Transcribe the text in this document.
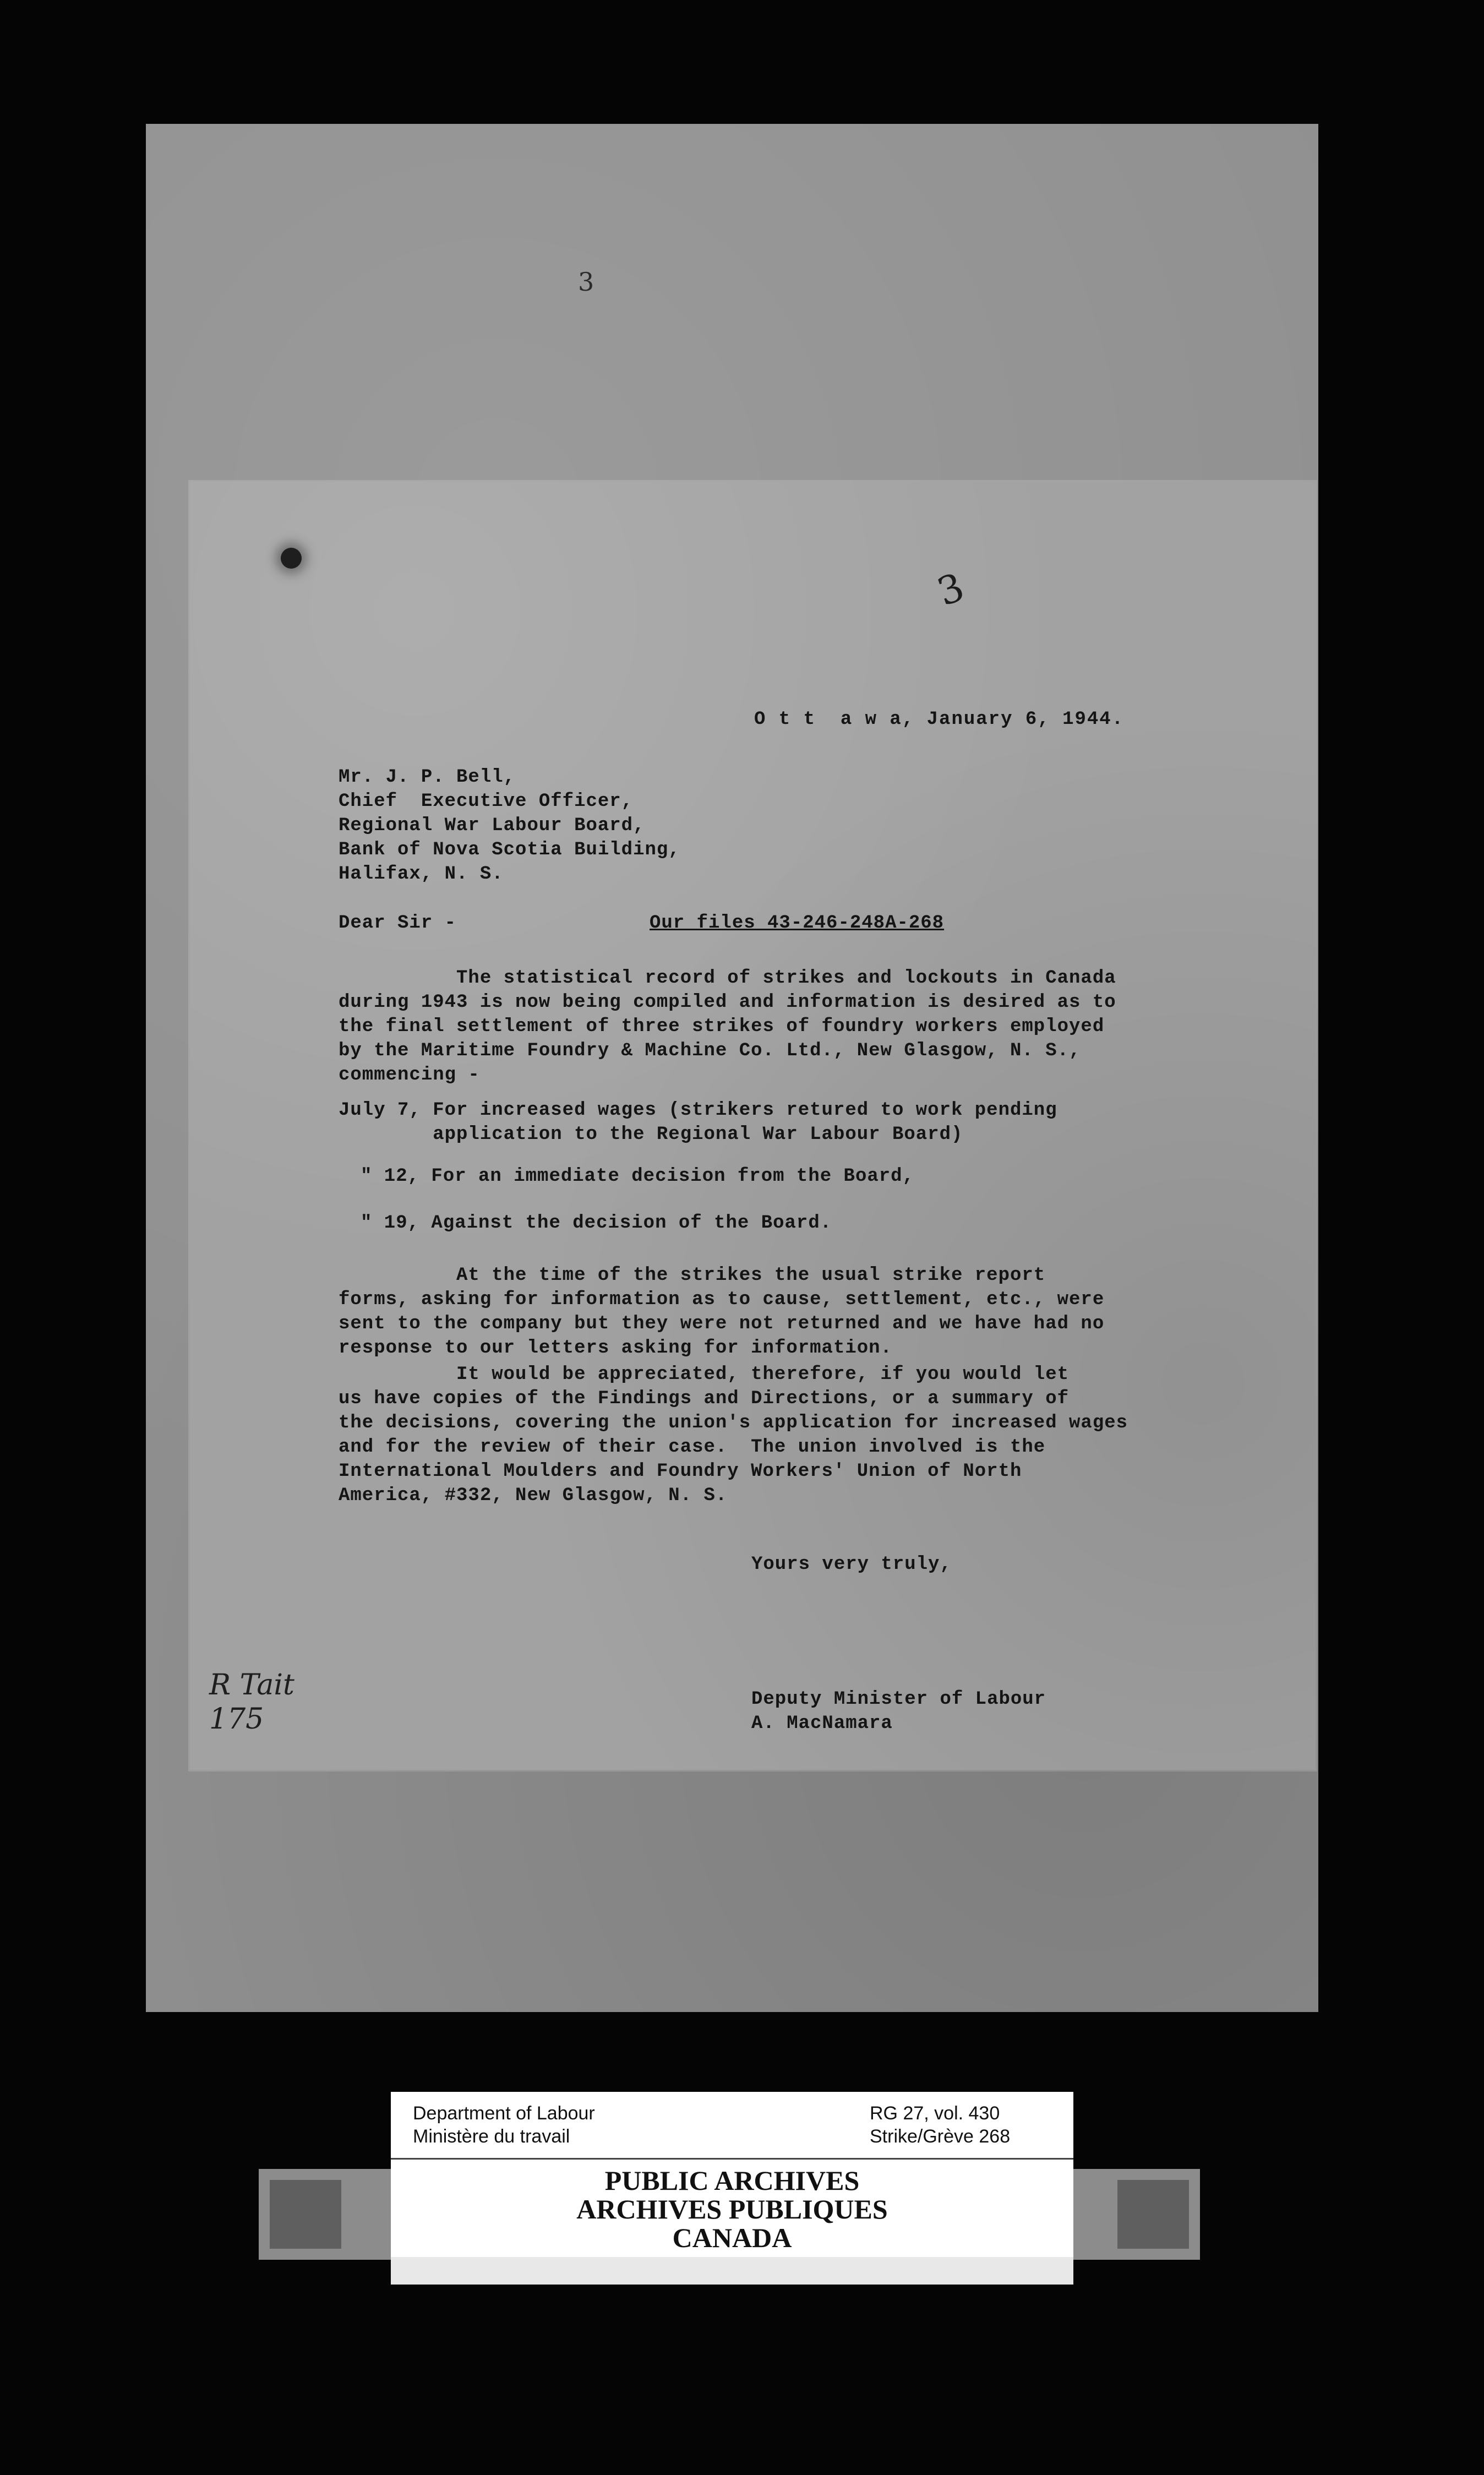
3
3
O t t  a w a, January 6, 1944.
Mr. J. P. Bell,
Chief  Executive Officer,
Regional War Labour Board,
Bank of Nova Scotia Building,
Halifax, N. S.
Dear Sir -	Our files 43-246-248A-268
The statistical record of strikes and lockouts in Canada
during 1943 is now being compiled and information is desired as to
the final settlement of three strikes of foundry workers employed
by the Maritime Foundry & Machine Co. Ltd., New Glasgow, N. S.,
commencing -
July 7, For increased wages (strikers retured to work pending
application to the Regional War Labour Board)
" 12, For an immediate decision from the Board,
" 19, Against the decision of the Board.
At the time of the strikes the usual strike report
forms, asking for information as to cause, settlement, etc., were
sent to the company but they were not returned and we have had no
response to our letters asking for information.
It would be appreciated, therefore, if you would let
us have copies of the Findings and Directions, or a summary of
the decisions, covering the union's application for increased wages
and for the review of their case.  The union involved is the
International Moulders and Foundry Workers' Union of North
America, #332, New Glasgow, N. S.
Yours very truly,
Deputy Minister of Labour
A. MacNamara
R Tait
175
Department of Labour
Ministère du travail
RG 27, vol. 430
Strike/Grève 268
PUBLIC ARCHIVES
ARCHIVES PUBLIQUES
CANADA
